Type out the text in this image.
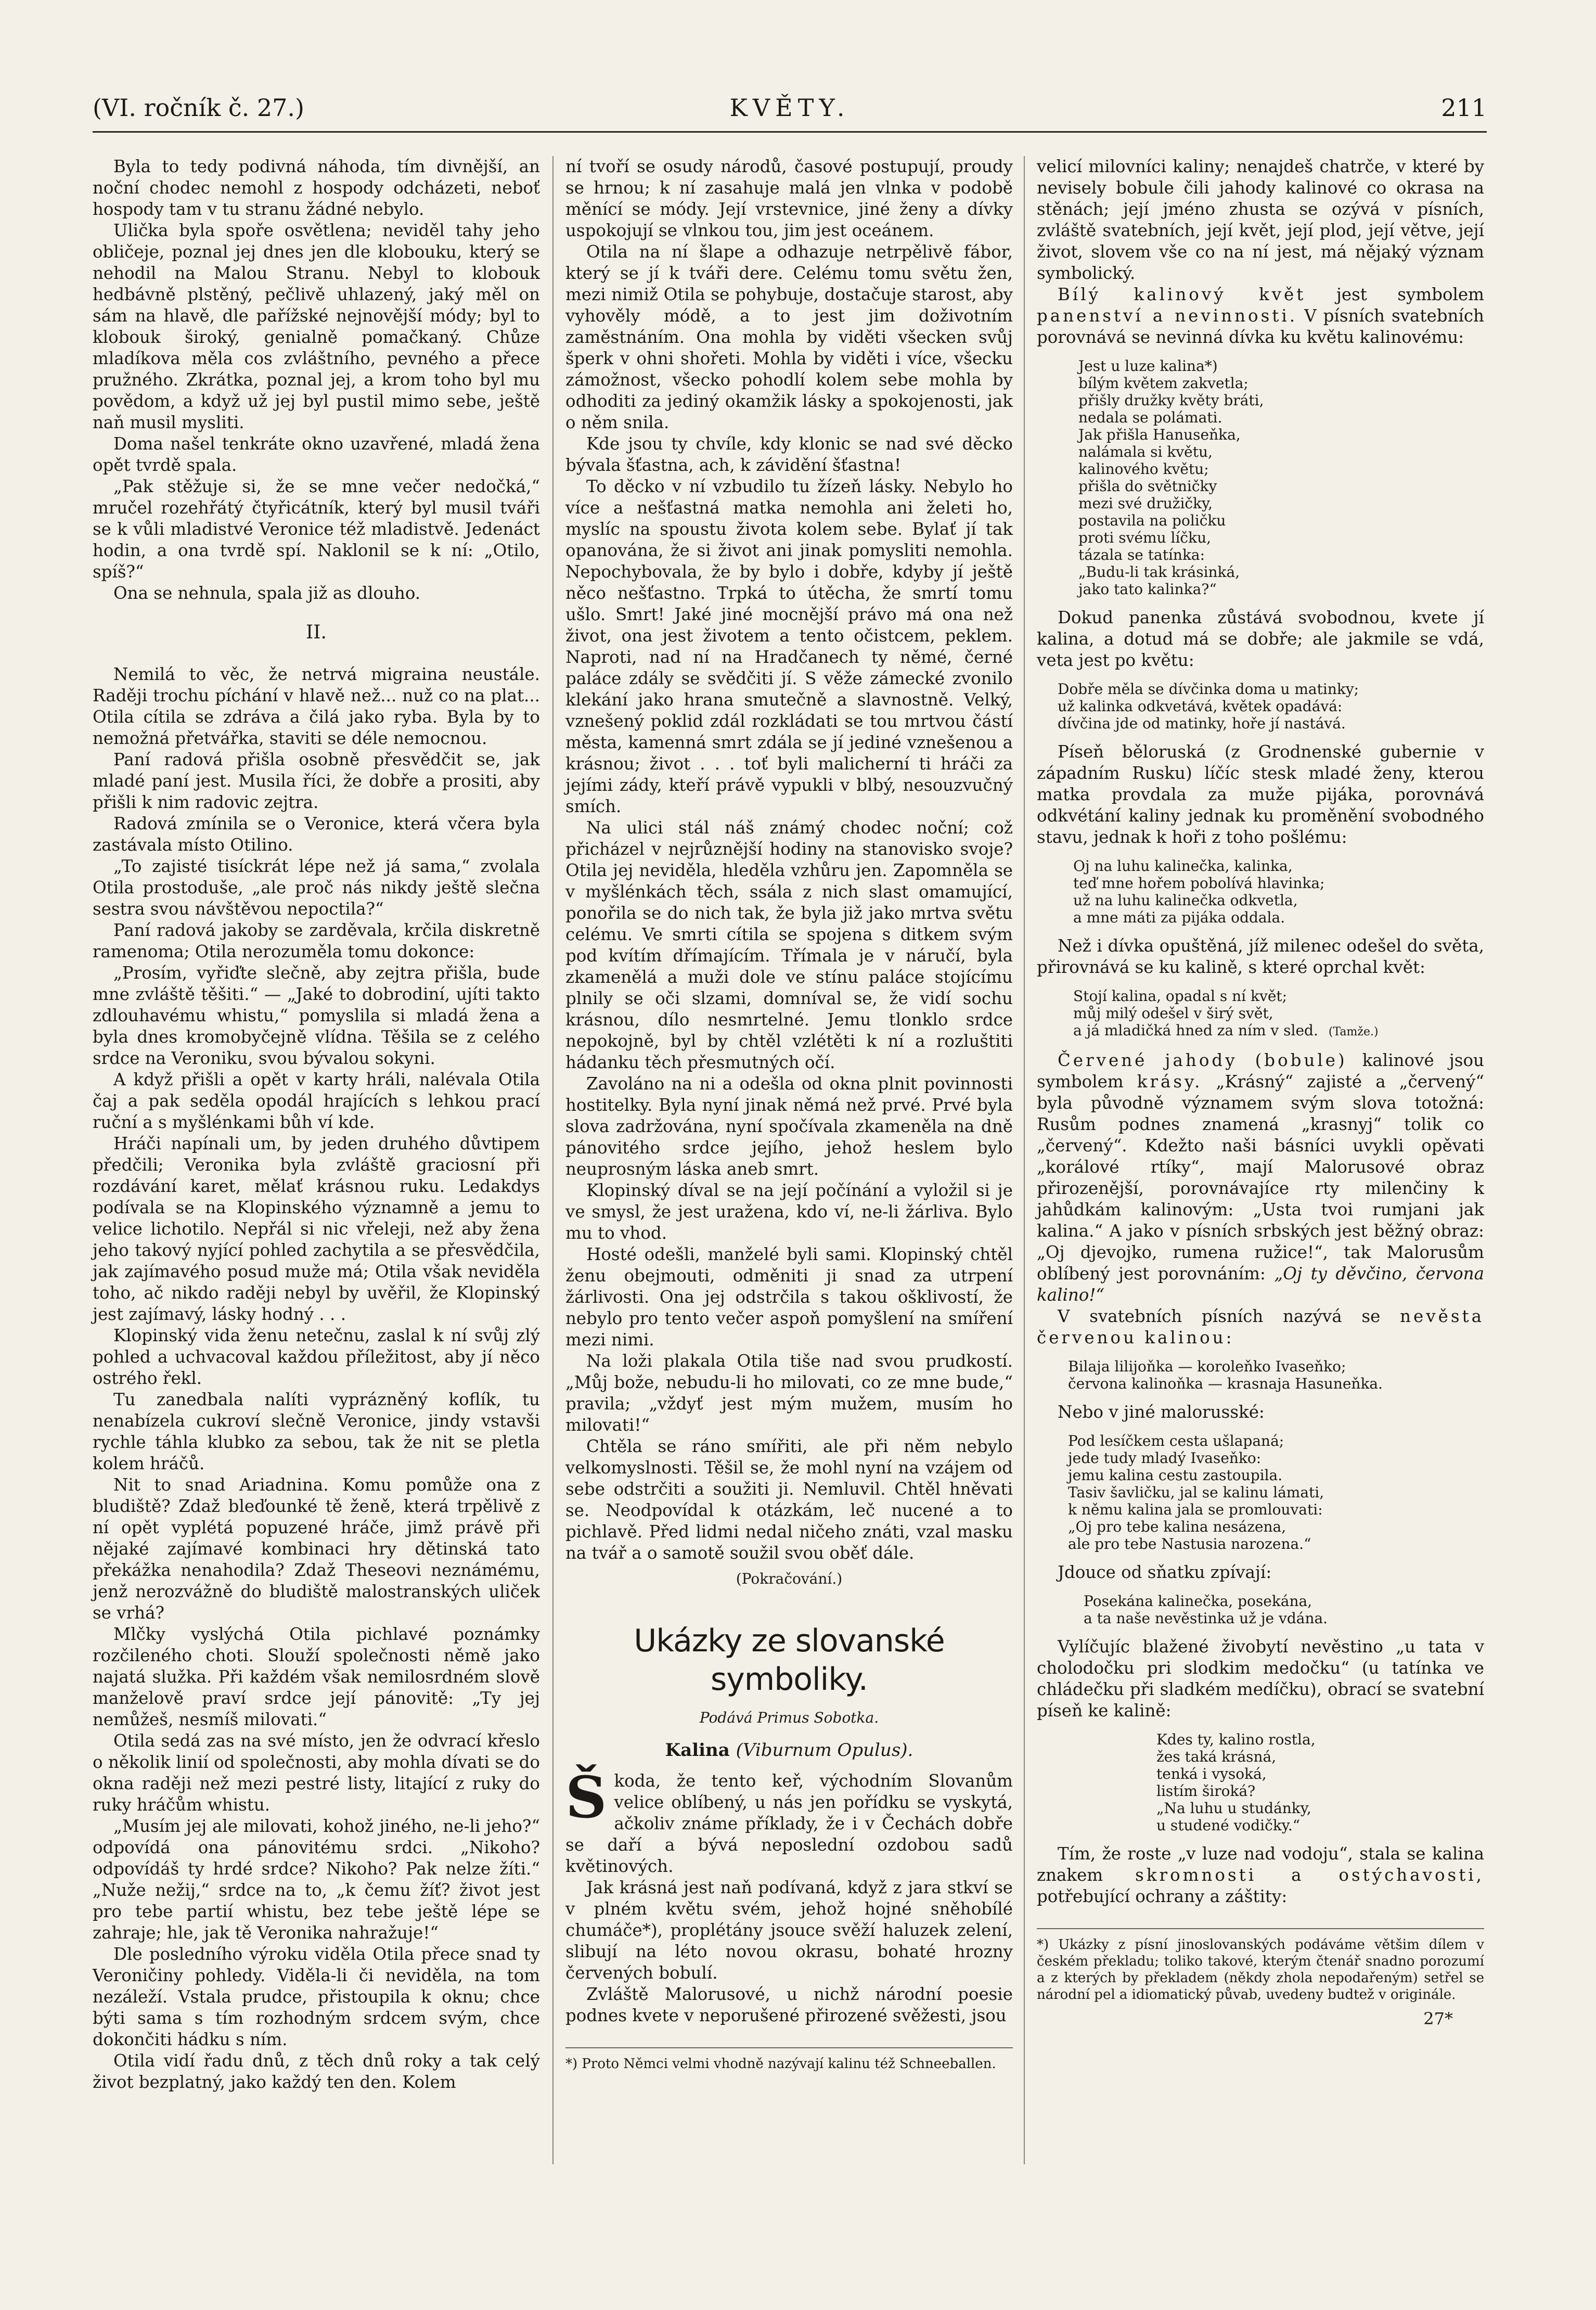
(VI. ročník č. 27.)	KVĚTY.	211

Byla to tedy podivná náhoda, tím divnější, an noční chodec nemohl z hospody odcházeti, neboť hospody tam v tu stranu žádné nebylo.

Ulička byla spoře osvětlena; neviděl tahy jeho obličeje, poznal jej dnes jen dle klobouku, který se nehodil na Malou Stranu. Nebyl to klobouk hedbávně plstěný, pečlivě uhlazený, jaký měl on sám na hlavě, dle pařížské nejnovější módy; byl to klobouk široký, genialně pomačkaný. Chůze mladíkova měla cos zvláštního, pevného a přece pružného. Zkrátka, poznal jej, a krom toho byl mu povědom, a když už jej byl pustil mimo sebe, ještě naň musil mysliti.

Doma našel tenkráte okno uzavřené, mladá žena opět tvrdě spala.

„Pak stěžuje si, že se mne večer nedočká,“ mručel rozehřátý čtyřicátník, který byl musil tváři se k vůli mladistvé Veronice též mladistvě. Jedenáct hodin, a ona tvrdě spí. Naklonil se k ní: „Otilo, spíš?“

Ona se nehnula, spala již as dlouho.

II.

Nemilá to věc, že netrvá migraina neustále. Raději trochu píchání v hlavě než... nuž co na plat... Otila cítila se zdráva a čilá jako ryba. Byla by to nemožná přetvářka, staviti se déle nemocnou.

Paní radová přišla osobně přesvědčit se, jak mladé paní jest. Musila říci, že dobře a prositi, aby přišli k nim radovic zejtra.

Radová zmínila se o Veronice, která včera byla zastávala místo Otilino.

„To zajisté tisíckrát lépe než já sama,“ zvolala Otila prostoduše, „ale proč nás nikdy ještě slečna sestra svou návštěvou nepoctila?“

Paní radová jakoby se zarděvala, krčila diskretně ramenoma; Otila nerozuměla tomu dokonce:

„Prosím, vyřiďte slečně, aby zejtra přišla, bude mne zvláště těšiti.“ — „Jaké to dobrodiní, ujíti takto zdlouhavému whistu,“ pomyslila si mladá žena a byla dnes kromobyčejně vlídna. Těšila se z celého srdce na Veroniku, svou bývalou sokyni.

A když přišli a opět v karty hráli, nalévala Otila čaj a pak seděla opodál hrajících s lehkou prací ruční a s myšlénkami bůh ví kde.

Hráči napínali um, by jeden druhého důvtipem předčili; Veronika byla zvláště graciosní při rozdávání karet, mělať krásnou ruku. Ledakdys podívala se na Klopinského významně a jemu to velice lichotilo. Nepřál si nic vřeleji, než aby žena jeho takový nyjící pohled zachytila a se přesvědčila, jak zajímavého posud muže má; Otila však neviděla toho, ač nikdo raději nebyl by uvěřil, že Klopinský jest zajímavý, lásky hodný . . .

Klopinský vida ženu netečnu, zaslal k ní svůj zlý pohled a uchvacoval každou příležitost, aby jí něco ostrého řekl.

Tu zanedbala nalíti vyprázněný koflík, tu nenabízela cukroví slečně Veronice, jindy vstavši rychle táhla klubko za sebou, tak že nit se pletla kolem hráčů.

Nit to snad Ariadnina. Komu pomůže ona z bludiště? Zdaž bleďounké tě ženě, která trpělivě z ní opět vyplétá popuzené hráče, jimž právě při nějaké zajímavé kombinaci hry dětinská tato překážka nenahodila? Zdaž Theseovi neznámému, jenž nerozvážně do bludiště malostranských uliček se vrhá?

Mlčky vyslýchá Otila pichlavé poznámky rozčileného choti. Slouží společnosti němě jako najatá služka. Při každém však nemilosrdném slově manželově praví srdce její pánovitě: „Ty jej nemůžeš, nesmíš milovati.“

Otila sedá zas na své místo, jen že odvrací křeslo o několik linií od společnosti, aby mohla dívati se do okna raději než mezi pestré listy, litající z ruky do ruky hráčům whistu.

„Musím jej ale milovati, kohož jiného, ne-li jeho?“ odpovídá ona pánovitému srdci. „Nikoho? odpovídáš ty hrdé srdce? Nikoho? Pak nelze žíti.“ „Nuže nežij,“ srdce na to, „k čemu žíť? život jest pro tebe partií whistu, bez tebe ještě lépe se zahraje; hle, jak tě Veronika nahražuje!“

Dle posledního výroku viděla Otila přece snad ty Veroničiny pohledy. Viděla-li či neviděla, na tom nezáleží. Vstala prudce, přistoupila k oknu; chce býti sama s tím rozhodným srdcem svým, chce dokončiti hádku s ním.

Otila vidí řadu dnů, z těch dnů roky a tak celý život bezplatný, jako každý ten den. Kolem

ní tvoří se osudy národů, časové postupují, proudy se hrnou; k ní zasahuje malá jen vlnka v podobě měnící se módy. Její vrstevnice, jiné ženy a dívky uspokojují se vlnkou tou, jim jest oceánem.

Otila na ní šlape a odhazuje netrpělivě fábor, který se jí k tváři dere. Celému tomu světu žen, mezi nimiž Otila se pohybuje, dostačuje starost, aby vyhověly módě, a to jest jim doživotním zaměstnáním. Ona mohla by viděti všecken svůj šperk v ohni shořeti. Mohla by viděti i více, všecku zámožnost, všecko pohodlí kolem sebe mohla by odhoditi za jediný okamžik lásky a spokojenosti, jak o něm snila.

Kde jsou ty chvíle, kdy klonic se nad své děcko bývala šťastna, ach, k závidění šťastna!

To děcko v ní vzbudilo tu žízeň lásky. Nebylo ho více a nešťastná matka nemohla ani želeti ho, myslíc na spoustu života kolem sebe. Bylať jí tak opanována, že si život ani jinak pomysliti nemohla. Nepochybovala, že by bylo i dobře, kdyby jí ještě něco nešťastno. Trpká to útěcha, že smrtí tomu ušlo. Smrt! Jaké jiné mocnější právo má ona než život, ona jest životem a tento očistcem, peklem. Naproti, nad ní na Hradčanech ty němé, černé paláce zdály se svědčiti jí. S věže zámecké zvonilo klekání jako hrana smutečně a slavnostně. Velký, vznešený poklid zdál rozkládati se tou mrtvou částí města, kamenná smrt zdála se jí jediné vznešenou a krásnou; život . . . toť byli malicherní ti hráči za jejími zády, kteří právě vypukli v blbý, nesouzvučný smích.

Na ulici stál náš známý chodec noční; což přicházel v nejrůznější hodiny na stanovisko svoje? Otila jej neviděla, hleděla vzhůru jen. Zapomněla se v myšlénkách těch, ssála z nich slast omamující, ponořila se do nich tak, že byla již jako mrtva světu celému. Ve smrti cítila se spojena s ditkem svým pod kvítím dřímajícím. Třímala je v náručí, byla zkamenělá a muži dole ve stínu paláce stojícímu plnily se oči slzami, domníval se, že vidí sochu krásnou, dílo nesmrtelné. Jemu tlonklo srdce nepokojně, byl by chtěl vzlétěti k ní a rozluštiti hádanku těch přesmutných očí.

Zavoláno na ni a odešla od okna plnit povinnosti hostitelky. Byla nyní jinak němá než prvé. Prvé byla slova zadržována, nyní spočívala zkameněla na dně pánovitého srdce jejího, jehož heslem bylo neuprosným láska aneb smrt.

Klopinský díval se na její počínání a vyložil si je ve smysl, že jest uražena, kdo ví, ne-li žárliva. Bylo mu to vhod.

Hosté odešli, manželé byli sami. Klopinský chtěl ženu obejmouti, odměniti ji snad za utrpení žárlivosti. Ona jej odstrčila s takou ošklivostí, že nebylo pro tento večer aspoň pomyšlení na smíření mezi nimi.

Na loži plakala Otila tiše nad svou prudkostí. „Můj bože, nebudu-li ho milovati, co ze mne bude,“ pravila; „vždyť jest mým mužem, musím ho milovati!“

Chtěla se ráno smířiti, ale při něm nebylo velkomyslnosti. Těšil se, že mohl nyní na vzájem od sebe odstrčiti a soužiti ji. Nemluvil. Chtěl hněvati se. Neodpovídal k otázkám, leč nucené a to pichlavě. Před lidmi nedal ničeho znáti, vzal masku na tvář a o samotě soužil svou oběť dále.

(Pokračování.)
Ukázky ze slovanské symboliky.
Podává Primus Sobotka.
Kalina (Viburnum Opulus).

Škoda, že tento keř, východním Slovanům velice oblíbený, u nás jen pořídku se vyskytá, ačkoliv známe příklady, že i v Čechách dobře se daří a bývá neposlední ozdobou sadů květinových.

Jak krásná jest naň podívaná, když z jara stkví se v plném květu svém, jehož hojné sněhobílé chumáče*), proplétány jsouce svěží haluzek zelení, slibují na léto novou okrasu, bohaté hrozny červených bobulí.

Zvláště Malorusové, u nichž národní poesie podnes kvete v neporušené přirozené svěžesti, jsou

*) Proto Němci velmi vhodně nazývají kalinu též Schneeballen.

velicí milovníci kaliny; nenajdeš chatrče, v které by nevisely bobule čili jahody kalinové co okrasa na stěnách; její jméno zhusta se ozývá v písních, zvláště svatebních, její květ, její plod, její větve, její život, slovem vše co na ní jest, má nějaký význam symbolický.

Bílý kalinový květ jest symbolem panenství a nevinnosti. V písních svatebních porovnává se nevinná dívka ku květu kalinovému:

Jest u luze kalina*)
bílým květem zakvetla;
přišly družky květy bráti,
nedala se polámati.
Jak přišla Hanuseňka,
nalámala si květu,
kalinového květu;
přišla do světničky
mezi své družičky,
postavila na poličku
proti svému líčku,
tázala se tatínka:
„Budu-li tak krásinká,
jako tato kalinka?“

Dokud panenka zůstává svobodnou, kvete jí kalina, a dotud má se dobře; ale jakmile se vdá, veta jest po květu:

Dobře měla se dívčinka doma u matinky;
už kalinka odkvetává, květek opadává:
dívčina jde od matinky, hoře jí nastává.

Píseň běloruská (z Grodnenské gubernie v západním Rusku) líčíc stesk mladé ženy, kterou matka provdala za muže pijáka, porovnává odkvétání kaliny jednak ku proměnění svobodného stavu, jednak k hoři z toho pošlému:

Oj na luhu kalinečka, kalinka,
teď mne hořem pobolívá hlavinka;
už na luhu kalinečka odkvetla,
a mne máti za pijáka oddala.

Než i dívka opuštěná, jíž milenec odešel do světa, přirovnává se ku kalině, s které oprchal květ:

Stojí kalina, opadal s ní květ;
můj milý odešel v širý svět,
a já mladičká hned za ním v sled. (Tamže.)

Červené jahody (bobule) kalinové jsou symbolem krásy. „Krásný“ zajisté a „červený“ byla původně významem svým slova totožná: Rusům podnes znamená „krasnyj“ tolik co „červený“. Kdežto naši básníci uvykli opěvati „korálové rtíky“, mají Malorusové obraz přirozenější, porovnávajíce rty milenčiny k jahůdkám kalinovým: „Usta tvoi rumjani jak kalina.“ A jako v písních srbských jest běžný obraz: „Oj djevojko, rumena ružice!“, tak Malorusům oblíbený jest porovnáním: „Oj ty děvčino, červona kalino!“

V svatebních písních nazývá se nevěsta červenou kalinou:

Bilaja lilijoňka — koroleňko Ivaseňko;
červona kalinoňka — krasnaja Hasuneňka.

Nebo v jiné malorusské:

Pod lesíčkem cesta ušlapaná;
jede tudy mladý Ivaseňko:
jemu kalina cestu zastoupila.
Tasiv šavličku, jal se kalinu lámati,
k němu kalina jala se promlouvati:
„Oj pro tebe kalina nesázena,
ale pro tebe Nastusia narozena.“

Jdouce od sňatku zpívají:

Posekána kalinečka, posekána,
a ta naše nevěstinka už je vdána.

Vylíčujíc blažené živobytí nevěstino „u tata v cholodočku pri slodkim medočku“ (u tatínka ve chládečku při sladkém medíčku), obrací se svatební píseň ke kalině:

Kdes ty, kalino rostla,
žes taká krásná,
tenká i vysoká,
listím široká?
„Na luhu u studánky,
u studené vodičky.“

Tím, že roste „v luze nad vodoju“, stala se kalina znakem skromnosti a ostýchavosti, potřebující ochrany a záštity:

*) Ukázky z písní jinoslovanských podáváme většim dílem v českém překladu; toliko takové, kterým čtenář snadno porozumí a z kterých by překladem (někdy zhola nepodařeným) setřel se národní pel a idiomatický půvab, uvedeny budtež v originále.
27*
